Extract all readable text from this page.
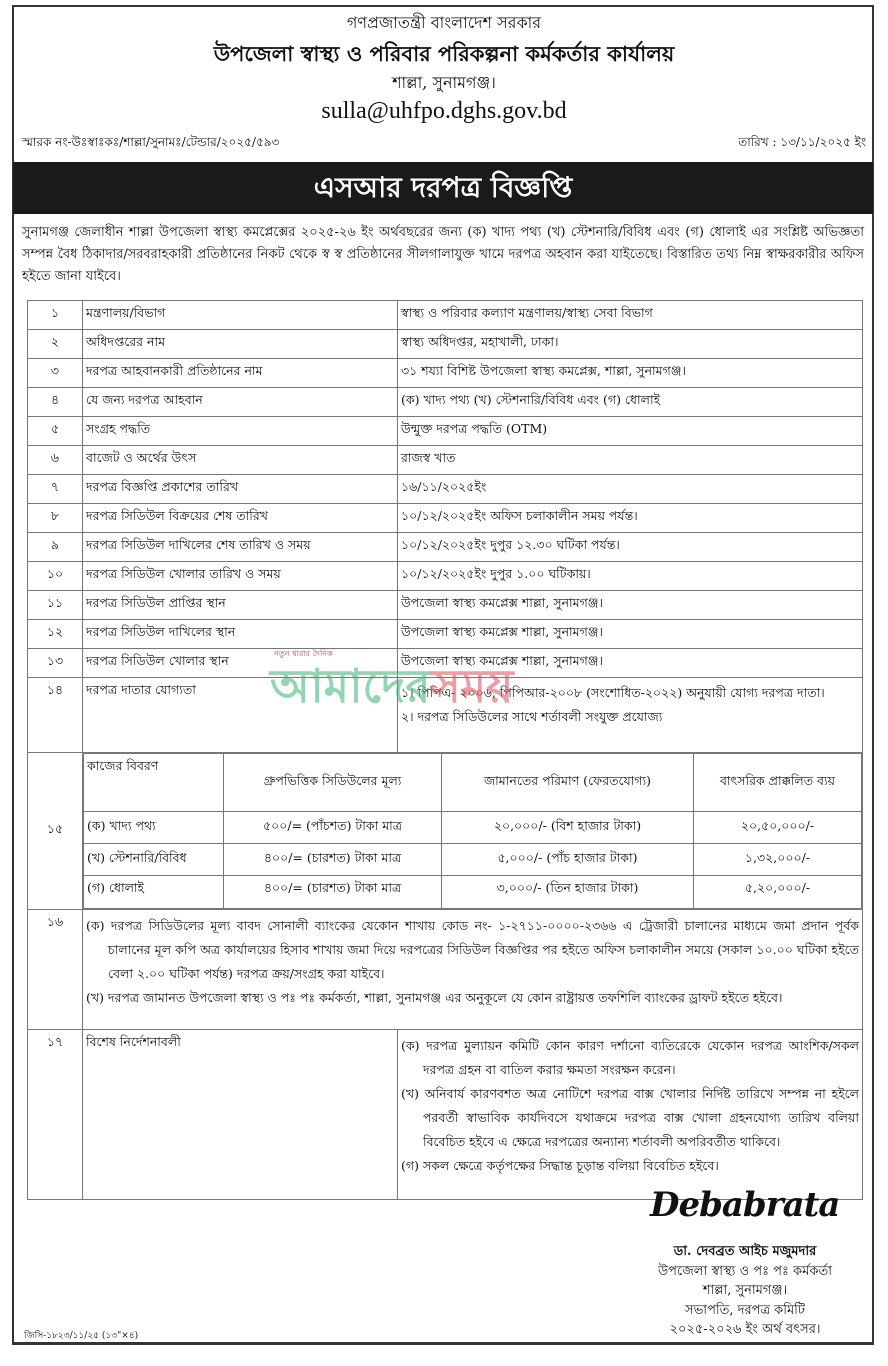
গণপ্রজাতন্ত্রী বাংলাদেশ সরকার
উপজেলা স্বাস্থ্য ও পরিবার পরিকল্পনা কর্মকর্তার কার্যালয়
শাল্লা, সুনামগঞ্জ।
sulla@uhfpo.dghs.gov.bd
স্মারক নং-উঃস্বাঃকঃ/শাল্লা/সুনামঃ/টেন্ডার/২০২৫/৫৯৩	তারিখ : ১৩/১১/২০২৫ ইং
এসআর দরপত্র বিজ্ঞপ্তি
সুনামগঞ্জ জেলাধীন শাল্লা উপজেলা স্বাস্থ্য কমপ্লেক্সের ২০২৫-২৬ ইং অর্থবছরের জন্য (ক) খাদ্য পথ্য (খ) স্টেশনারি/বিবিধ এবং (গ) ধোলাই এর সংশ্লিষ্ট অভিজ্ঞতা সম্পন্ন বৈধ ঠিকাদার/সরবরাহকারী প্রতিষ্ঠানের নিকট থেকে স্ব স্ব প্রতিষ্ঠানের সীলগালাযুক্ত খামে দরপত্র অহবান করা যাইতেছে। বিস্তারিত তথ্য নিম্ন স্বাক্ষরকারীর অফিস হইতে জানা যাইবে।
১	মন্ত্রণালয়/বিভাগ	স্বাস্থ্য ও পরিবার কল্যাণ মন্ত্রণালয়/স্বাস্থ্য সেবা বিভাগ
২	অধিদপ্তরের নাম	স্বাস্থ্য অধিদপ্তর, মহাখালী, ঢাকা।
৩	দরপত্র আহবানকারী প্রতিষ্ঠানের নাম	৩১ শয্যা বিশিষ্ট উপজেলা স্বাস্থ্য কমপ্লেক্স, শাল্লা, সুনামগঞ্জ।
৪	যে জন্য দরপত্র আহবান	(ক) খাদ্য পথ্য (খ) স্টেশনারি/বিবিধ এবং (গ) ধোলাই
৫	সংগ্রহ পদ্ধতি	উন্মুক্ত দরপত্র পদ্ধতি (OTM)
৬	বাজেট ও অর্থের উৎস	রাজস্ব খাত
৭	দরপত্র বিজ্ঞপ্তি প্রকাশের তারিখ	১৬/১১/২০২৫ইং
৮	দরপত্র সিডিউল বিক্রয়ের শেষ তারিখ	১০/১২/২০২৫ইং অফিস চলাকালীন সময় পর্যন্ত।
৯	দরপত্র সিডিউল দাখিলের শেষ তারিখ ও সময়	১০/১২/২০২৫ইং দুপুর ১২.৩০ ঘটিকা পর্যন্ত।
১০	দরপত্র সিডিউল খোলার তারিখ ও সময়	১০/১২/২০২৫ইং দুপুর ১.০০ ঘটিকায়।
১১	দরপত্র সিডিউল প্রাপ্তির স্থান	উপজেলা স্বাস্থ্য কমপ্লেক্স শাল্লা, সুনামগঞ্জ।
১২	দরপত্র সিডিউল দাখিলের স্থান	উপজেলা স্বাস্থ্য কমপ্লেক্স শাল্লা, সুনামগঞ্জ।
১৩	দরপত্র সিডিউল খোলার স্থান	উপজেলা স্বাস্থ্য কমপ্লেক্স শাল্লা, সুনামগঞ্জ।
১৪	দরপত্র দাতার যোগ্যতা	১। পিপিএ- ২০০৬, পিপিআর-২০০৮ (সংশোধিত-২০২২) অনুযায়ী যোগ্য দরপত্র দাতা।
২। দরপত্র সিডিউলের সাথে শর্তাবলী সংযুক্ত প্রযোজ্য

১৫	
কাজের বিবরণ	গ্রুপভিত্তিক সিডিউলের মূল্য	জামানতের পরিমাণ (ফেরতযোগ্য)	বাৎসরিক প্রাক্কলিত ব্যয়
(ক) খাদ্য পথ্য	৫০০/= (পাঁচশত) টাকা মাত্র	২০,০০০/- (বিশ হাজার টাকা)	২০,৫০,০০০/-
(খ) স্টেশনারি/বিবিধ	৪০০/= (চারশত) টাকা মাত্র	৫,০০০/- (পাঁচ হাজার টাকা)	১,৩২,০০০/-
(গ) ধোলাই	৪০০/= (চারশত) টাকা মাত্র	৩,০০০/- (তিন হাজার টাকা)	৫,২০,০০০/-

১৬	(ক) দরপত্র সিডিউলের মূল্য বাবদ সোনালী ব্যাংকের যেকোন শাখায় কোড নং- ১-২৭১১-০০০০-২৩৬৬ এ ট্রেজারী চালানের মাধ্যমে জমা প্রদান পূর্বক চালানের মূল কপি অত্র কার্যালয়ের হিসাব শাখায় জমা দিয়ে দরপত্রের সিডিউল বিজ্ঞপ্তির পর হইতে অফিস চলাকালীন সময়ে (সকাল ১০.০০ ঘটিকা হইতে বেলা ২.০০ ঘটিকা পর্যন্ত) দরপত্র ক্রয়/সংগ্রহ করা যাইবে।
(খ) দরপত্র জামানত উপজেলা স্বাস্থ্য ও পঃ পঃ কর্মকর্তা, শাল্লা, সুনামগঞ্জ এর অনুকূলে যে কোন রাষ্ট্রায়ত্ত তফশিলি ব্যাংকের ড্রাফট হইতে হইবে।

১৭	বিশেষ নির্দেশনাবলী	(ক) দরপত্র মুল্যায়ন কমিটি কোন কারণ দর্শানো ব্যতিরেকে যেকোন দরপত্র আংশিক/সকল দরপত্র গ্রহন বা বাতিল করার ক্ষমতা সংরক্ষন করেন।
(খ) অনিবার্য কারণবশত অত্র নোটিশে দরপত্র বাক্স খোলার নির্দিষ্ট তারিখে সম্পন্ন না হইলে পরবর্তী স্বাভাবিক কার্যদিবসে যথাক্রমে দরপত্র বাক্স খোলা গ্রহনযোগ্য তারিখ বলিয়া বিবেচিত হইবে এ ক্ষেত্রে দরপত্রের অন্যান্য শর্তাবলী অপরিবর্তীত থাকিবে।
(গ) সকল ক্ষেত্রে কর্তৃপক্ষের সিদ্ধান্ত চূড়ান্ত বলিয়া বিবেচিত হইবে।
নতুন ধারার দৈনিক
আমাদেরসময়
Debabrata
ডা. দেবব্রত আইচ মজুমদার
উপজেলা স্বাস্থ্য ও পঃ পঃ কর্মকর্তা
শাল্লা, সুনামগঞ্জ।
সভাপতি, দরপত্র কমিটি
২০২৫-২০২৬ ইং অর্থ বৎসর।
জিসি-১৮২৩/১১/২৫ (১৩"×৪)
